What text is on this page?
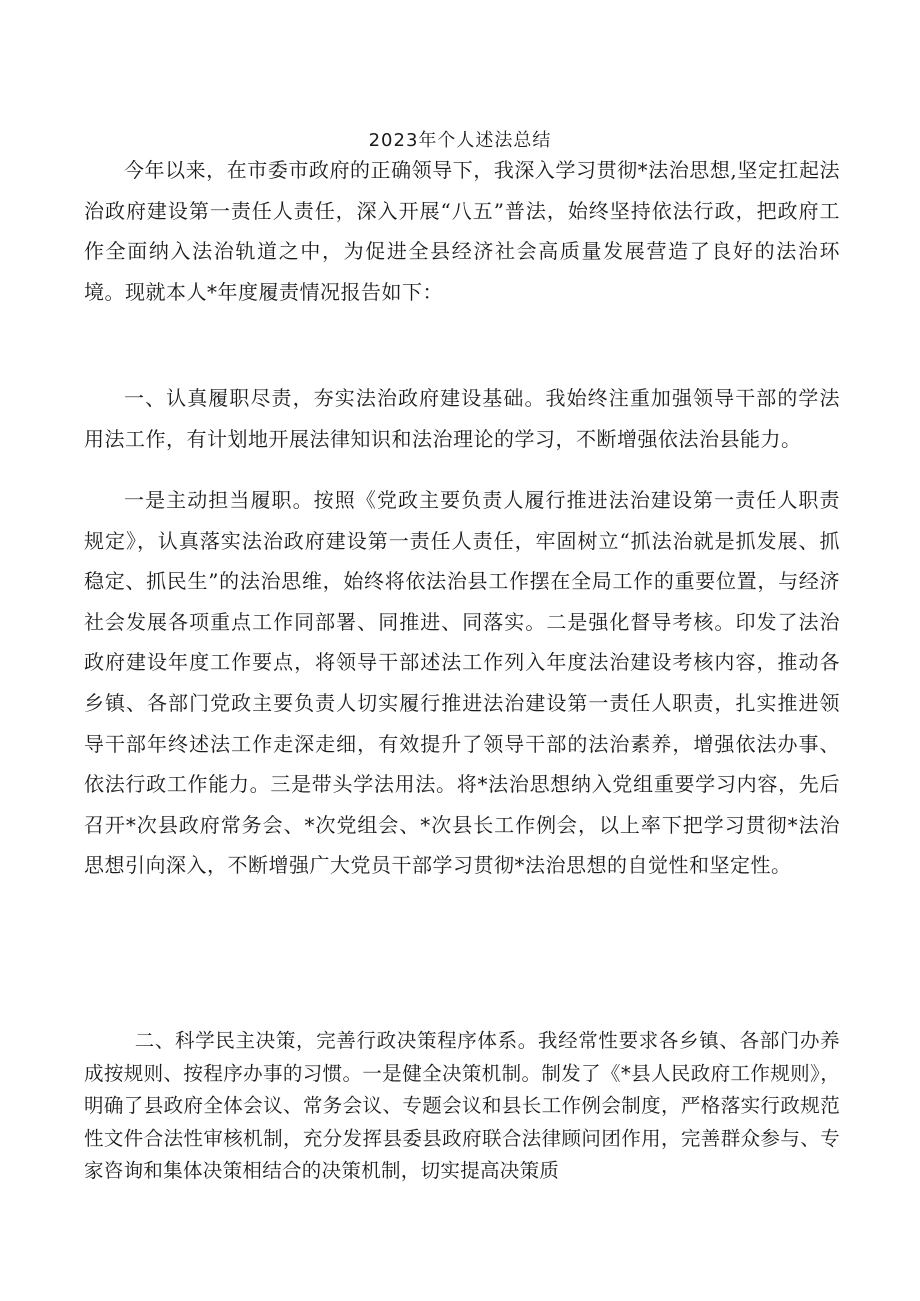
2023年个人述法总结

今年以来，在市委市政府的正确领导下，我深入学习贯彻*法治思想,坚定扛起法治政府建设第一责任人责任，深入开展“八五”普法，始终坚持依法行政，把政府工作全面纳入法治轨道之中，为促进全县经济社会高质量发展营造了良好的法治环境。现就本人*年度履责情况报告如下：

一、认真履职尽责，夯实法治政府建设基础。我始终注重加强领导干部的学法用法工作，有计划地开展法律知识和法治理论的学习，不断增强依法治县能力。

一是主动担当履职。按照《党政主要负责人履行推进法治建设第一责任人职责规定》，认真落实法治政府建设第一责任人责任，牢固树立“抓法治就是抓发展、抓稳定、抓民生”的法治思维，始终将依法治县工作摆在全局工作的重要位置，与经济社会发展各项重点工作同部署、同推进、同落实。二是强化督导考核。印发了法治政府建设年度工作要点，将领导干部述法工作列入年度法治建设考核内容，推动各乡镇、各部门党政主要负责人切实履行推进法治建设第一责任人职责，扎实推进领导干部年终述法工作走深走细，有效提升了领导干部的法治素养，增强依法办事、依法行政工作能力。三是带头学法用法。将*法治思想纳入党组重要学习内容，先后召开*次县政府常务会、*次党组会、*次县长工作例会，以上率下把学习贯彻*法治思想引向深入，不断增强广大党员干部学习贯彻*法治思想的自觉性和坚定性。

二、科学民主决策，完善行政决策程序体系。我经常性要求各乡镇、各部门办养成按规则、按程序办事的习惯。一是健全决策机制。制发了《*县人民政府工作规则》，明确了县政府全体会议、常务会议、专题会议和县长工作例会制度，严格落实行政规范性文件合法性审核机制，充分发挥县委县政府联合法律顾问团作用，完善群众参与、专家咨询和集体决策相结合的决策机制，切实提高决策质
